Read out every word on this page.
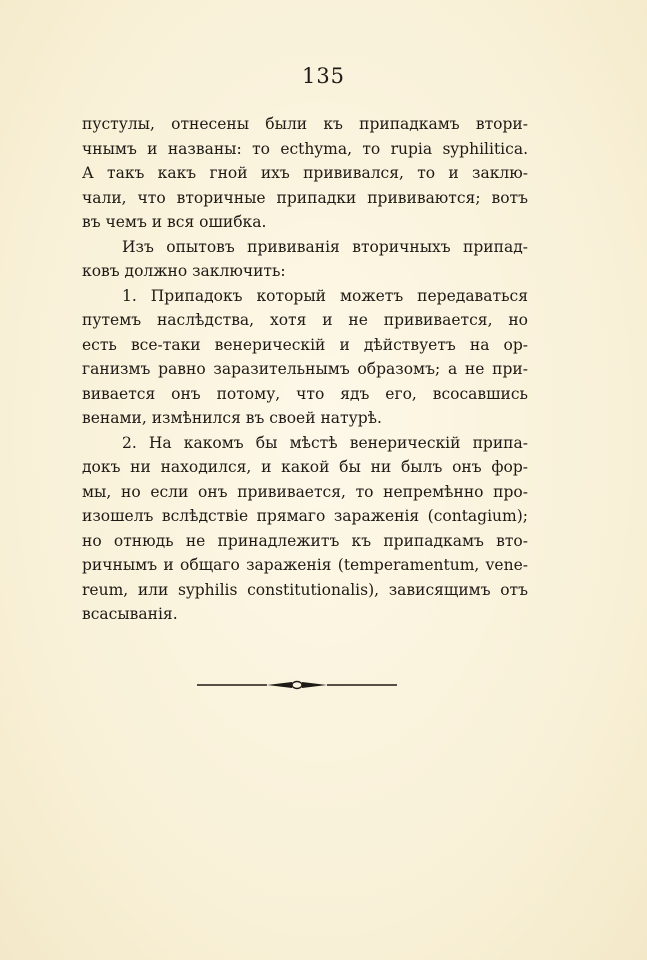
135
пустулы, отнесены были къ припадкамъ втори-
чнымъ и названы: то ecthyma, то rupia syphilitica.
А такъ какъ гной ихъ прививался, то и заклю-
чали, что вторичные припадки прививаются; вотъ
въ чемъ и вся ошибка.
Изъ опытовъ прививанія вторичныхъ припад-
ковъ должно заключить:
1. Припадокъ который можетъ передаваться
путемъ наслѣдства, хотя и не прививается, но
есть все-таки венерическій и дѣйствуетъ на ор-
ганизмъ равно заразительнымъ образомъ; а не при-
вивается онъ потому, что ядъ его, всосавшись
венами, измѣнился въ своей натурѣ.
2. На какомъ бы мѣстѣ венерическій припа-
докъ ни находился, и какой бы ни былъ онъ фор-
мы, но если онъ прививается, то непремѣнно про-
изошелъ вслѣдствіе прямаго зараженія (contagium);
но отнюдь не принадлежитъ къ припадкамъ вто-
ричнымъ и общаго зараженія (temperamentum, vene-
reum, или syphilis constitutionalis), зависящимъ отъ
всасыванія.
